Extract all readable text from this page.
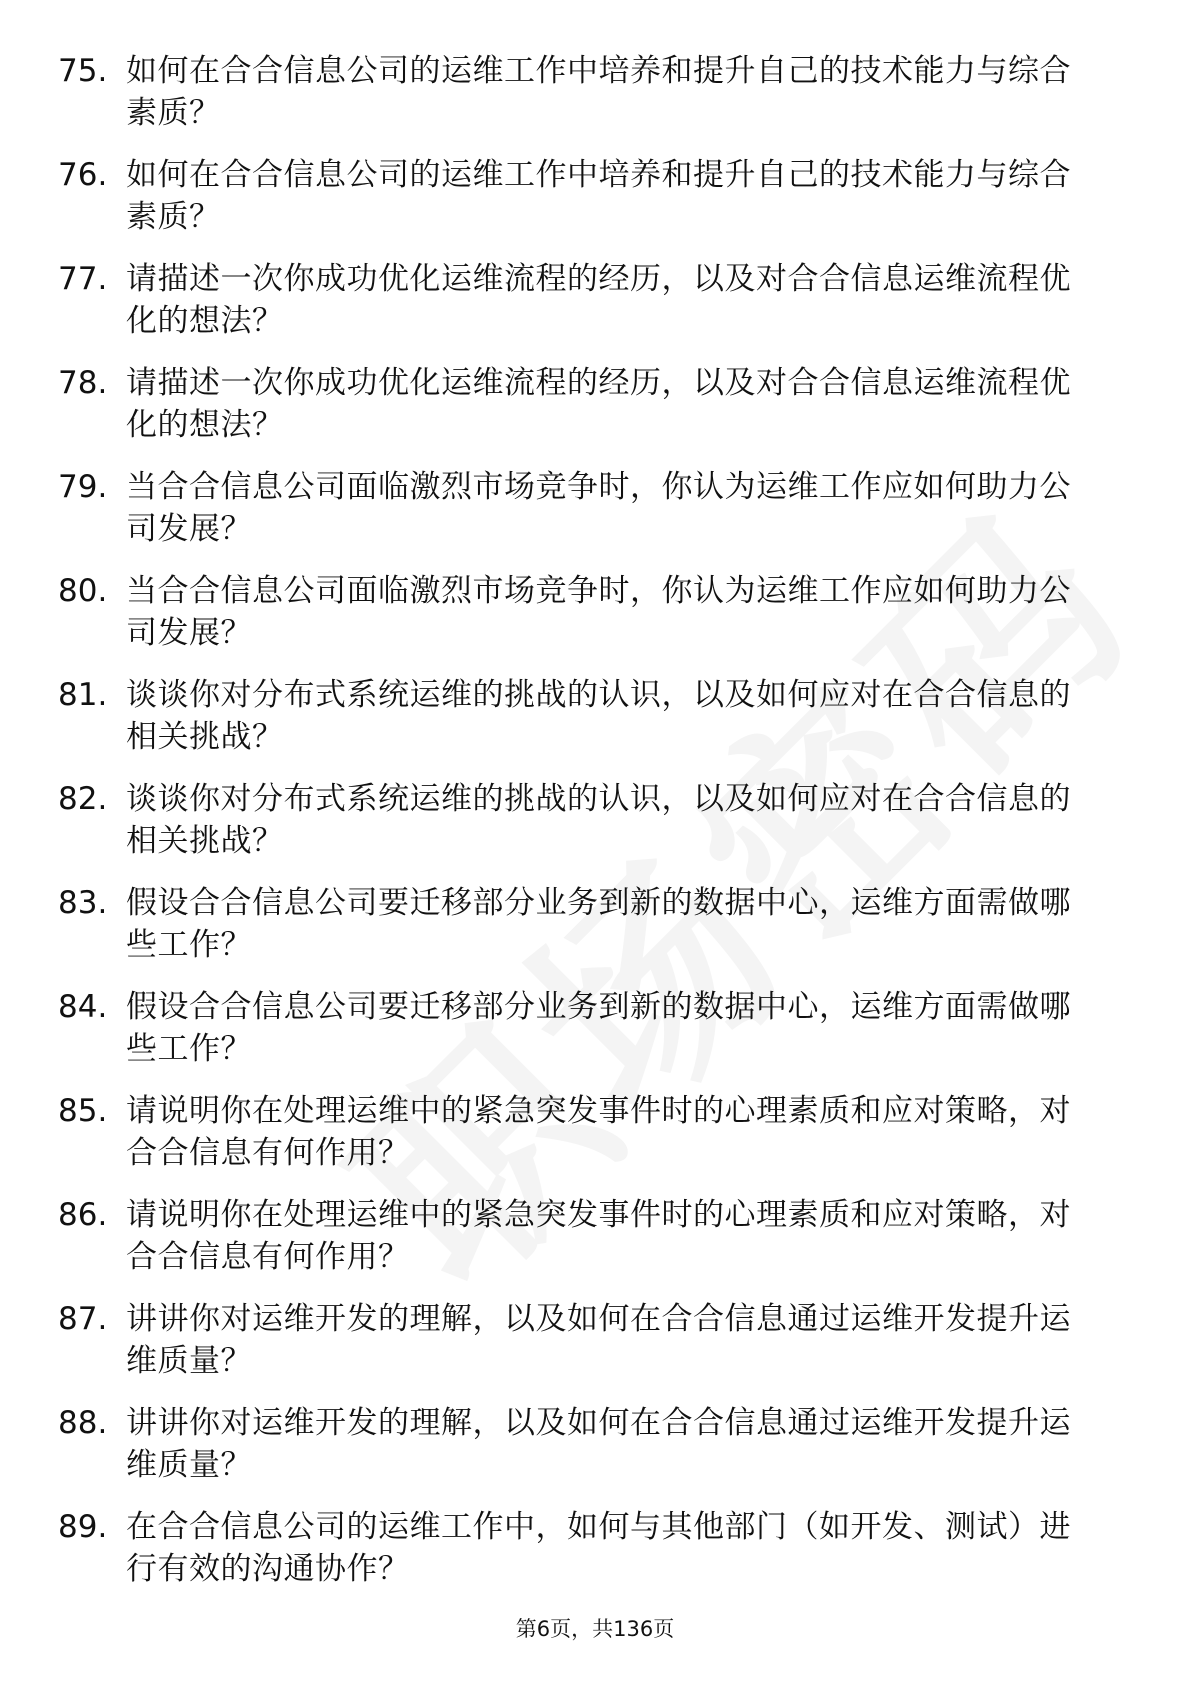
75. 如何在合合信息公司的运维工作中培养和提升自己的技术能力与综合素质？
76. 如何在合合信息公司的运维工作中培养和提升自己的技术能力与综合素质？
77. 请描述一次你成功优化运维流程的经历，以及对合合信息运维流程优化的想法？
78. 请描述一次你成功优化运维流程的经历，以及对合合信息运维流程优化的想法？
79. 当合合信息公司面临激烈市场竞争时，你认为运维工作应如何助力公司发展？
80. 当合合信息公司面临激烈市场竞争时，你认为运维工作应如何助力公司发展？
81. 谈谈你对分布式系统运维的挑战的认识，以及如何应对在合合信息的相关挑战？
82. 谈谈你对分布式系统运维的挑战的认识，以及如何应对在合合信息的相关挑战？
83. 假设合合信息公司要迁移部分业务到新的数据中心，运维方面需做哪些工作？
84. 假设合合信息公司要迁移部分业务到新的数据中心，运维方面需做哪些工作？
85. 请说明你在处理运维中的紧急突发事件时的心理素质和应对策略，对合合信息有何作用？
86. 请说明你在处理运维中的紧急突发事件时的心理素质和应对策略，对合合信息有何作用？
87. 讲讲你对运维开发的理解，以及如何在合合信息通过运维开发提升运维质量？
88. 讲讲你对运维开发的理解，以及如何在合合信息通过运维开发提升运维质量？
89. 在合合信息公司的运维工作中，如何与其他部门（如开发、测试）进行有效的沟通协作？
第6页，共136页
